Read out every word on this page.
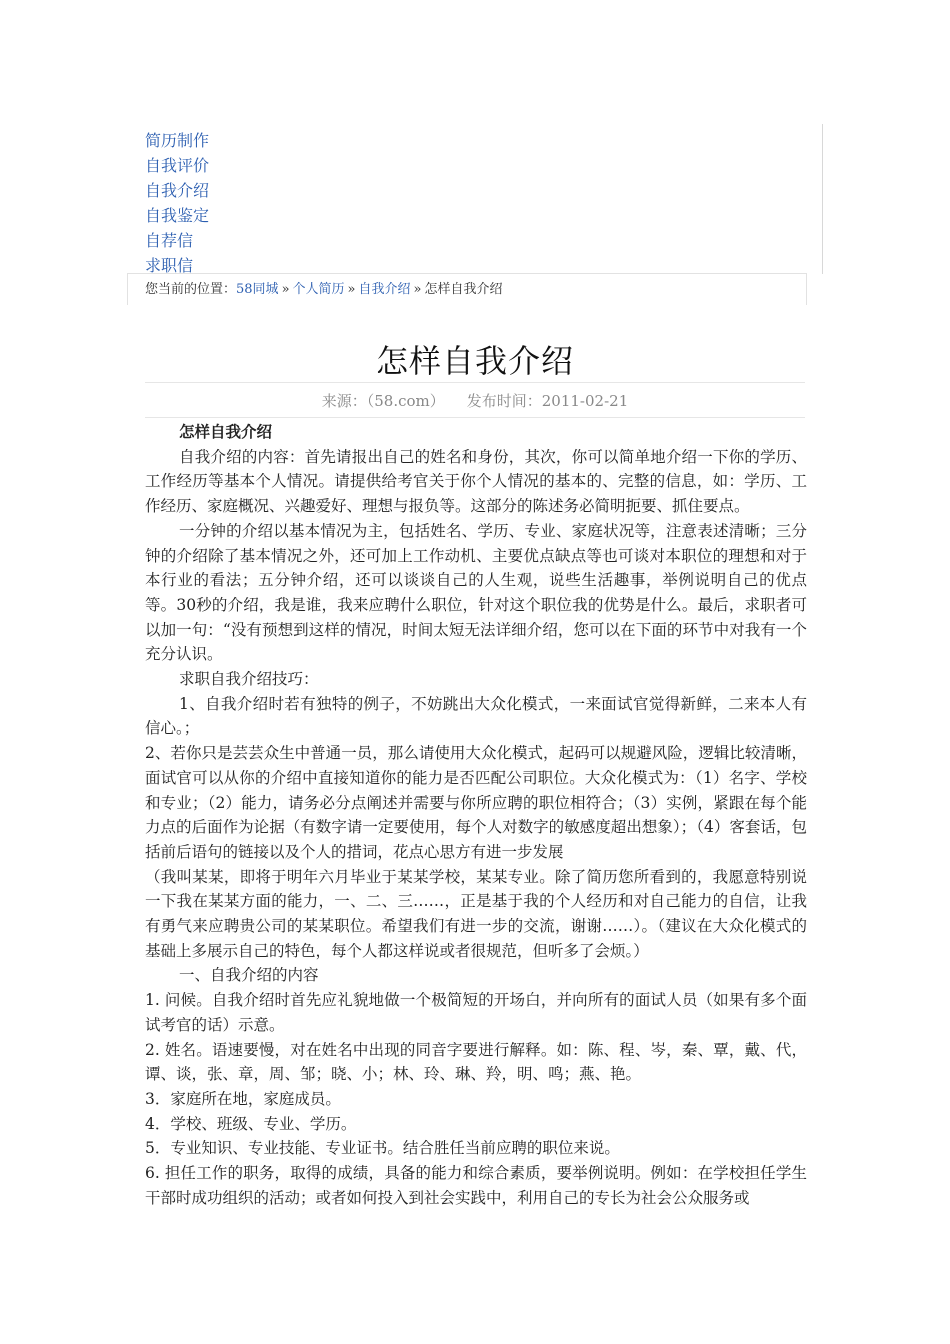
简历制作
自我评价
自我介绍
自我鉴定
自荐信
求职信
您当前的位置：58同城 » 个人简历 » 自我介绍 » 怎样自我介绍
怎样自我介绍
来源：（58.com） 发布时间：2011-02-21

怎样自我介绍

自我介绍的内容：首先请报出自己的姓名和身份，其次，你可以简单地介绍一下你的学历、工作经历等基本个人情况。请提供给考官关于你个人情况的基本的、完整的信息，如：学历、工作经历、家庭概况、兴趣爱好、理想与报负等。这部分的陈述务必简明扼要、抓住要点。

一分钟的介绍以基本情况为主，包括姓名、学历、专业、家庭状况等，注意表述清晰；三分钟的介绍除了基本情况之外，还可加上工作动机、主要优点缺点等也可谈对本职位的理想和对于本行业的看法；五分钟介绍，还可以谈谈自己的人生观，说些生活趣事，举例说明自己的优点等。30秒的介绍，我是谁，我来应聘什么职位，针对这个职位我的优势是什么。最后，求职者可以加一句：“没有预想到这样的情况，时间太短无法详细介绍，您可以在下面的环节中对我有一个充分认识。

求职自我介绍技巧：

1、自我介绍时若有独特的例子，不妨跳出大众化模式，一来面试官觉得新鲜，二来本人有信心。；

2、若你只是芸芸众生中普通一员，那么请使用大众化模式，起码可以规避风险，逻辑比较清晰，面试官可以从你的介绍中直接知道你的能力是否匹配公司职位。大众化模式为：（1）名字、学校和专业；（2）能力，请务必分点阐述并需要与你所应聘的职位相符合；（3）实例，紧跟在每个能力点的后面作为论据（有数字请一定要使用，每个人对数字的敏感度超出想象）；（4）客套话，包括前后语句的链接以及个人的措词，花点心思方有进一步发展

（我叫某某，即将于明年六月毕业于某某学校，某某专业。除了简历您所看到的，我愿意特别说一下我在某某方面的能力，一、二、三……，正是基于我的个人经历和对自己能力的自信，让我有勇气来应聘贵公司的某某职位。希望我们有进一步的交流，谢谢……）。（建议在大众化模式的基础上多展示自己的特色，每个人都这样说或者很规范，但听多了会烦。）

一、自我介绍的内容

1. 问候。自我介绍时首先应礼貌地做一个极简短的开场白，并向所有的面试人员（如果有多个面试考官的话）示意。

2. 姓名。语速要慢，对在姓名中出现的同音字要进行解释。如：陈、程、岑，秦、覃，戴、代，谭、谈，张、章，周、邹；晓、小；林、玲、琳、羚，明、鸣；燕、艳。

3．家庭所在地，家庭成员。

4．学校、班级、专业、学历。

5．专业知识、专业技能、专业证书。结合胜任当前应聘的职位来说。

6. 担任工作的职务，取得的成绩，具备的能力和综合素质，要举例说明。例如：在学校担任学生干部时成功组织的活动；或者如何投入到社会实践中，利用自己的专长为社会公众服务或
